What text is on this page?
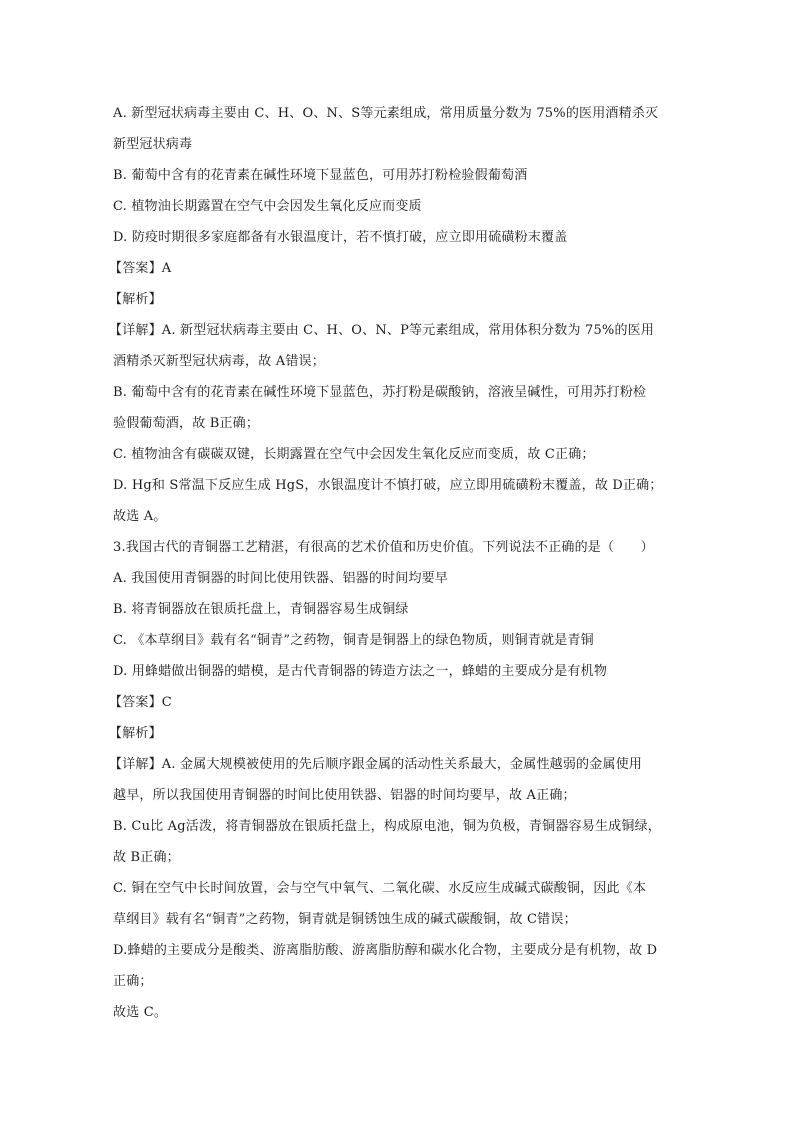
A. 新型冠状病毒主要由 C、H、O、N、S等元素组成，常用质量分数为 75%的医用酒精杀灭
新型冠状病毒
B. 葡萄中含有的花青素在碱性环境下显蓝色，可用苏打粉检验假葡萄酒
C. 植物油长期露置在空气中会因发生氧化反应而变质
D. 防疫时期很多家庭都备有水银温度计，若不慎打破，应立即用硫磺粉末覆盖
【答案】A
【解析】
【详解】A. 新型冠状病毒主要由 C、H、O、N、P等元素组成，常用体积分数为 75%的医用
酒精杀灭新型冠状病毒，故 A错误；
B. 葡萄中含有的花青素在碱性环境下显蓝色，苏打粉是碳酸钠，溶液呈碱性，可用苏打粉检
验假葡萄酒，故 B正确；
C. 植物油含有碳碳双键，长期露置在空气中会因发生氧化反应而变质，故 C正确；
D. Hg和 S常温下反应生成 HgS，水银温度计不慎打破，应立即用硫磺粉末覆盖，故 D正确；
故选 A。
3.我国古代的青铜器工艺精湛，有很高的艺术价值和历史价值。下列说法不正确的是（　　）
A. 我国使用青铜器的时间比使用铁器、铝器的时间均要早
B. 将青铜器放在银质托盘上，青铜器容易生成铜绿
C. 《本草纲目》载有名“铜青”之药物，铜青是铜器上的绿色物质，则铜青就是青铜
D. 用蜂蜡做出铜器的蜡模，是古代青铜器的铸造方法之一，蜂蜡的主要成分是有机物
【答案】C
【解析】
【详解】A. 金属大规模被使用的先后顺序跟金属的活动性关系最大，金属性越弱的金属使用
越早，所以我国使用青铜器的时间比使用铁器、铝器的时间均要早，故 A正确；
B. Cu比 Ag活泼，将青铜器放在银质托盘上，构成原电池，铜为负极，青铜器容易生成铜绿，
故 B正确；
C. 铜在空气中长时间放置，会与空气中氧气、二氧化碳、水反应生成碱式碳酸铜，因此《本
草纲目》载有名“铜青”之药物，铜青就是铜锈蚀生成的碱式碳酸铜，故 C错误；
D.蜂蜡的主要成分是酸类、游离脂肪酸、游离脂肪醇和碳水化合物，主要成分是有机物，故 D
正确；
故选 C。
